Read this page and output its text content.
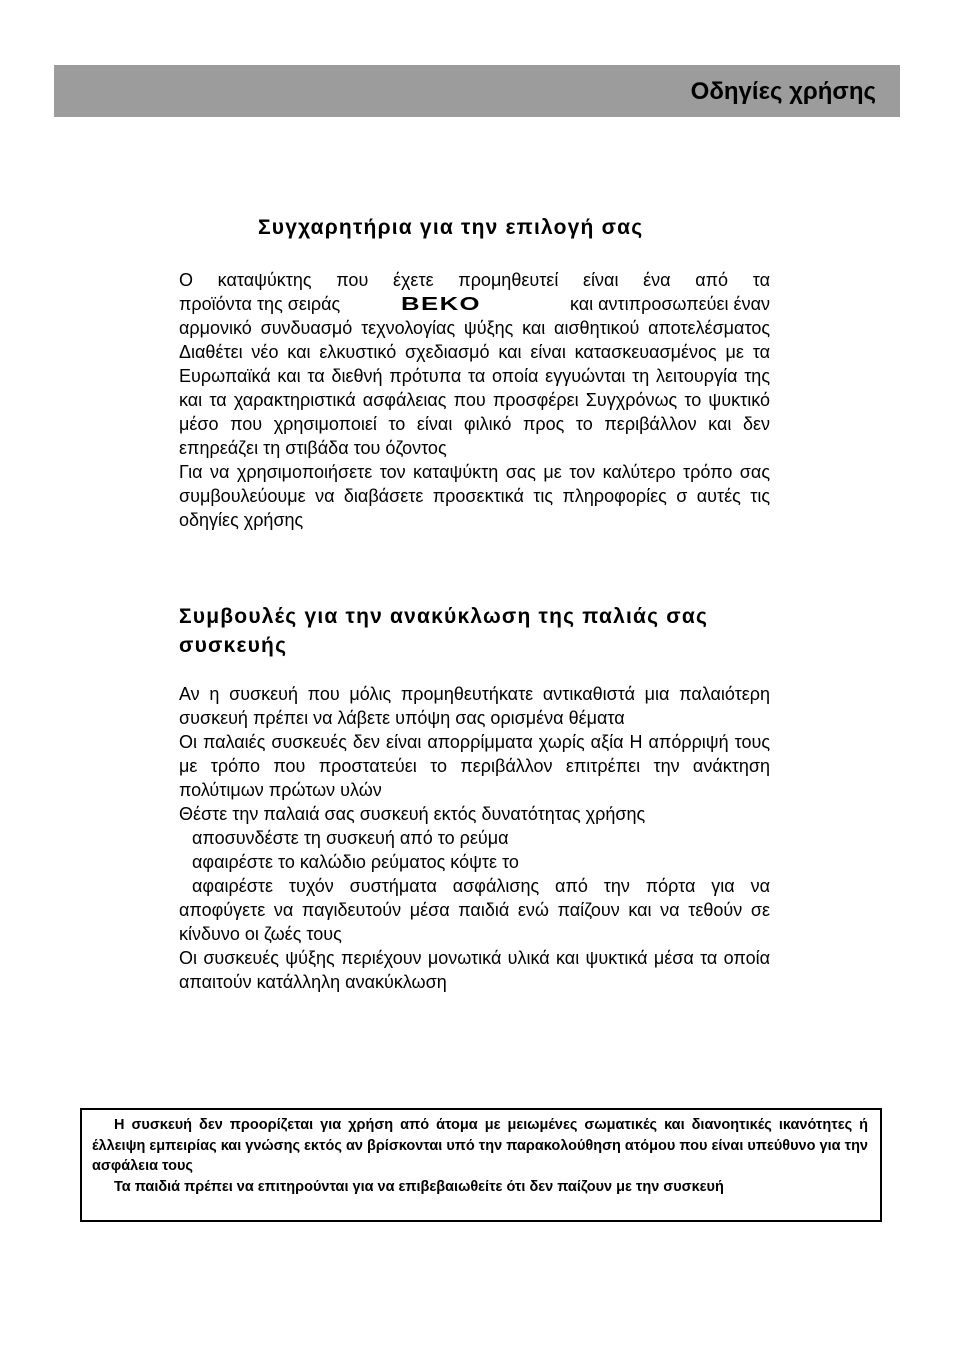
Οδηγίες χρήσης
Συγχαρητήρια για την επιλογή σας
Ο καταψύκτης που έχετε προμηθευτεί είναι ένα από τα
προϊόντα της σειράς	BEKO	και αντιπροσωπεύει έναν
αρμονικό συνδυασμό τεχνολογίας ψύξης και αισθητικού αποτελέσματος Διαθέτει νέο και ελκυστικό σχεδιασμό και είναι κατασκευασμένος με τα Ευρωπαϊκά και τα διεθνή πρότυπα τα οποία εγγυώνται τη λειτουργία της και τα χαρακτηριστικά ασφάλειας που προσφέρει Συγχρόνως το ψυκτικό μέσο που χρησιμοποιεί το είναι φιλικό προς το περιβάλλον και δεν επηρεάζει τη στιβάδα του όζοντος
Για να χρησιμοποιήσετε τον καταψύκτη σας με τον καλύτερο τρόπο σας συμβουλεύουμε να διαβάσετε προσεκτικά τις πληροφορίες σ αυτές τις οδηγίες χρήσης
Συμβουλές για την ανακύκλωση της παλιάς σας συσκευής
Αν η συσκευή που μόλις προμηθευτήκατε αντικαθιστά μια παλαιότερη συσκευή πρέπει να λάβετε υπόψη σας ορισμένα θέματα
Οι παλαιές συσκευές δεν είναι απορρίμματα χωρίς αξία Η απόρριψή τους με τρόπο που προστατεύει το περιβάλλον επιτρέπει την ανάκτηση πολύτιμων πρώτων υλών
Θέστε την παλαιά σας συσκευή εκτός δυνατότητας χρήσης
αποσυνδέστε τη συσκευή από το ρεύμα
αφαιρέστε το καλώδιο ρεύματος κόψτε το
αφαιρέστε τυχόν συστήματα ασφάλισης από την πόρτα για να αποφύγετε να παγιδευτούν μέσα παιδιά ενώ παίζουν και να τεθούν σε κίνδυνο οι ζωές τους
Οι συσκευές ψύξης περιέχουν μονωτικά υλικά και ψυκτικά μέσα τα οποία απαιτούν κατάλληλη ανακύκλωση

Η συσκευή δεν προορίζεται για χρήση από άτομα με μειωμένες σωματικές και διανοητικές ικανότητες ή έλλειψη εμπειρίας και γνώσης εκτός αν βρίσκονται υπό την παρακολούθηση ατόμου που είναι υπεύθυνο για την ασφάλεια τους

Τα παιδιά πρέπει να επιτηρούνται για να επιβεβαιωθείτε ότι δεν παίζουν με την συσκευή
